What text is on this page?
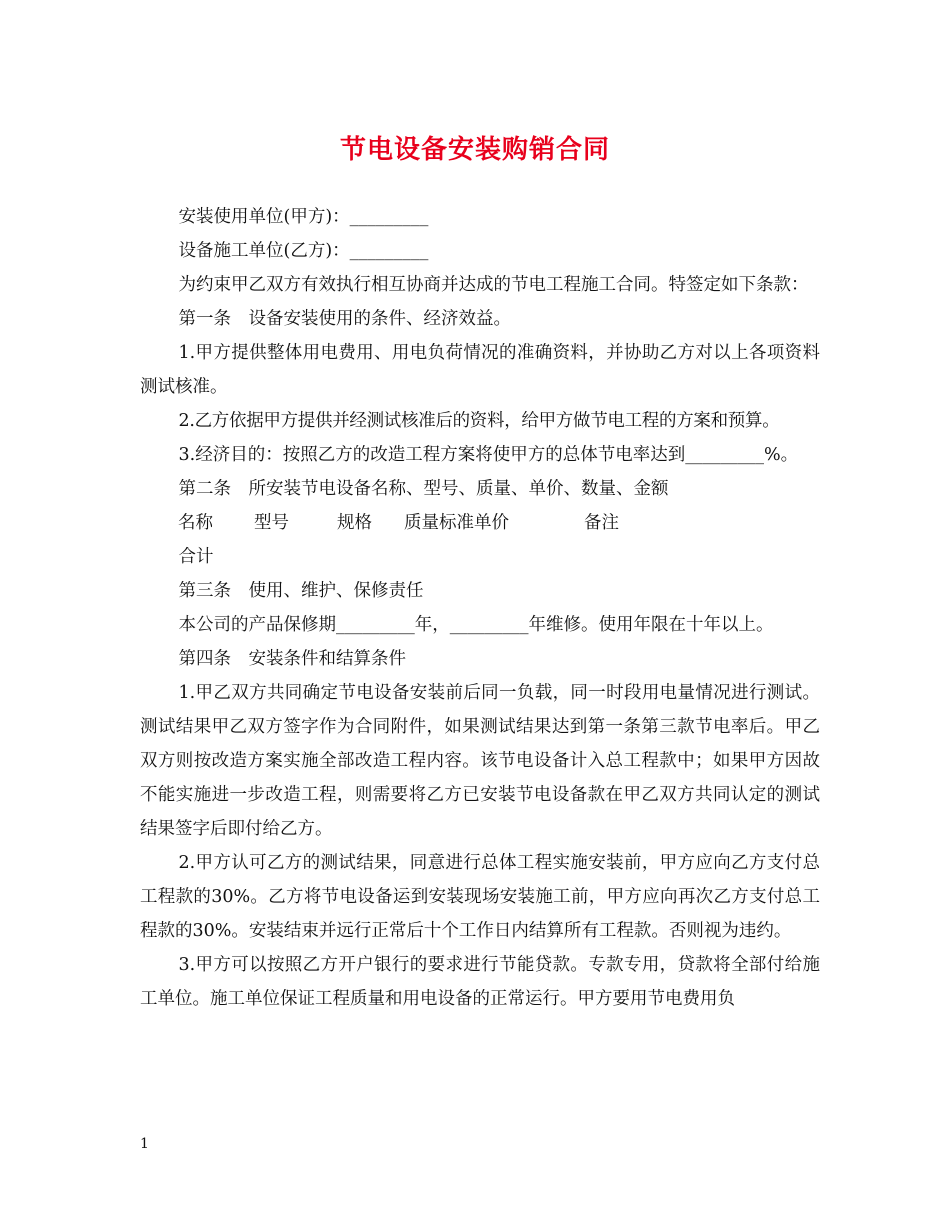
节电设备安装购销合同

安装使用单位(甲方)：_________

设备施工单位(乙方)：_________

为约束甲乙双方有效执行相互协商并达成的节电工程施工合同。特签定如下条款：

第一条　设备安装使用的条件、经济效益。

1.甲方提供整体用电费用、用电负荷情况的准确资料，并协助乙方对以上各项资料测试核准。

2.乙方依据甲方提供并经测试核准后的资料，给甲方做节电工程的方案和预算。

3.经济目的：按照乙方的改造工程方案将使甲方的总体节电率达到_________%。

第二条　所安装节电设备名称、型号、质量、单价、数量、金额

名称 型号	规格 质量标准单价	备注

合计

第三条　使用、维护、保修责任

本公司的产品保修期_________年，_________年维修。使用年限在十年以上。

第四条　安装条件和结算条件

1.甲乙双方共同确定节电设备安装前后同一负载，同一时段用电量情况进行测试。测试结果甲乙双方签字作为合同附件，如果测试结果达到第一条第三款节电率后。甲乙双方则按改造方案实施全部改造工程内容。该节电设备计入总工程款中；如果甲方因故不能实施进一步改造工程，则需要将乙方已安装节电设备款在甲乙双方共同认定的测试结果签字后即付给乙方。

2.甲方认可乙方的测试结果，同意进行总体工程实施安装前，甲方应向乙方支付总工程款的30%。乙方将节电设备运到安装现场安装施工前，甲方应向再次乙方支付总工程款的30%。安装结束并远行正常后十个工作日内结算所有工程款。否则视为违约。

3.甲方可以按照乙方开户银行的要求进行节能贷款。专款专用，贷款将全部付给施工单位。施工单位保证工程质量和用电设备的正常运行。甲方要用节电费用负

1
